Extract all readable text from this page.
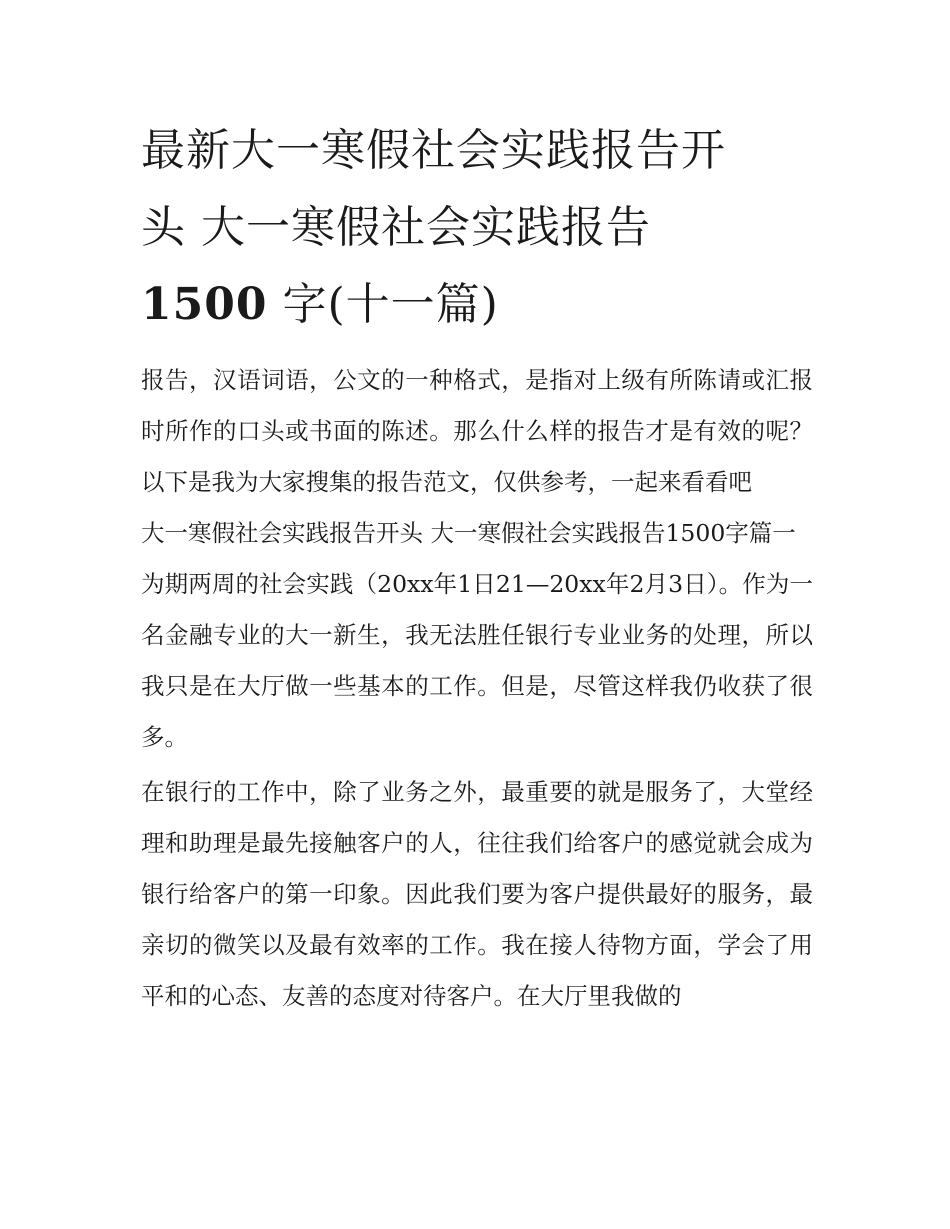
最新大一寒假社会实践报告开
头 大一寒假社会实践报告
1500 字(十一篇)

报告，汉语词语，公文的一种格式，是指对上级有所陈请或汇报时所作的口头或书面的陈述。那么什么样的报告才是有效的呢？以下是我为大家搜集的报告范文，仅供参考，一起来看看吧

大一寒假社会实践报告开头 大一寒假社会实践报告1500字篇一

为期两周的社会实践（20xx年1日21—20xx年2月3日）。作为一名金融专业的大一新生，我无法胜任银行专业业务的处理，所以我只是在大厅做一些基本的工作。但是，尽管这样我仍收获了很多。

在银行的工作中，除了业务之外，最重要的就是服务了，大堂经理和助理是最先接触客户的人，往往我们给客户的感觉就会成为银行给客户的第一印象。因此我们要为客户提供最好的服务，最亲切的微笑以及最有效率的工作。我在接人待物方面，学会了用平和的心态、友善的态度对待客户。在大厅里我做的
